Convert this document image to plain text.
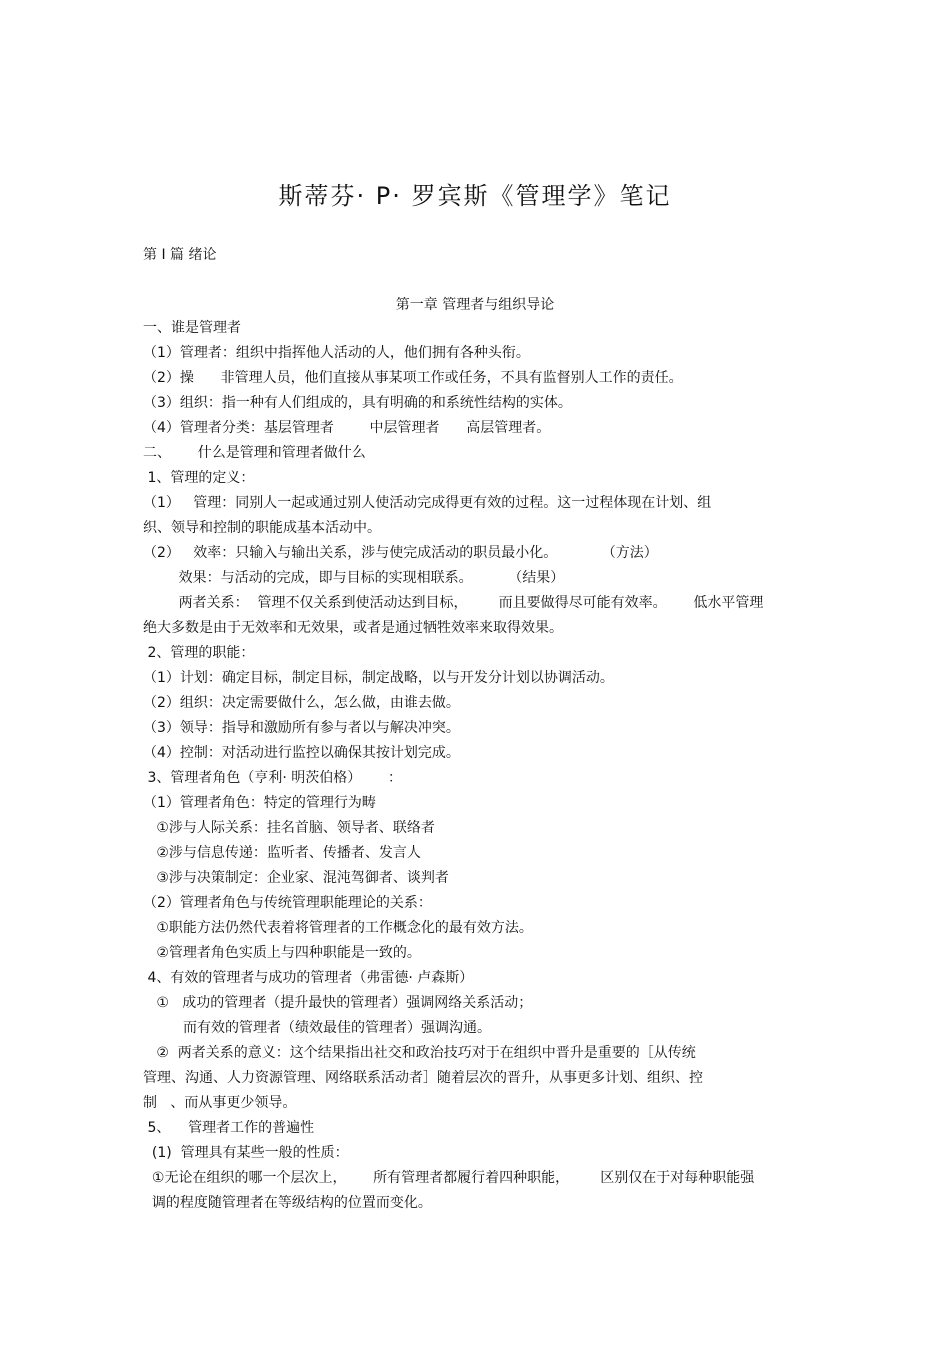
斯蒂芬· P· 罗宾斯《管理学》笔记
第 I 篇 绪论
第一章 管理者与组织导论
一、谁是管理者
（1）管理者：组织中指挥他人活动的人，他们拥有各种头衔。
（2）操      非管理人员，他们直接从事某项工作或任务，不具有监督别人工作的责任。
（3）组织：指一种有人们组成的，具有明确的和系统性结构的实体。
（4）管理者分类：基层管理者        中层管理者      高层管理者。
二、      什么是管理和管理者做什么
1、管理的定义：
（1）   管理：同别人一起或通过别人使活动完成得更有效的过程。这一过程体现在计划、组
织、领导和控制的职能成基本活动中。
（2）   效率：只输入与输出关系，涉与使完成活动的职员最小化。          （方法）
效果：与活动的完成，即与目标的实现相联系。        （结果）
两者关系：  管理不仅关系到使活动达到目标，       而且要做得尽可能有效率。      低水平管理
绝大多数是由于无效率和无效果，或者是通过牺牲效率来取得效果。
2、管理的职能：
（1）计划：确定目标，制定目标，制定战略，以与开发分计划以协调活动。
（2）组织：决定需要做什么，怎么做，由谁去做。
（3）领导：指导和激励所有参与者以与解决冲突。
（4）控制：对活动进行监控以确保其按计划完成。
3、管理者角色（亨利· 明茨伯格）      ：
（1）管理者角色：特定的管理行为畴
①涉与人际关系：挂名首脑、领导者、联络者
②涉与信息传递：监听者、传播者、发言人
③涉与决策制定：企业家、混沌驾御者、谈判者
（2）管理者角色与传统管理职能理论的关系：
①职能方法仍然代表着将管理者的工作概念化的最有效方法。
②管理者角色实质上与四种职能是一致的。
4、有效的管理者与成功的管理者（弗雷德· 卢森斯）
①   成功的管理者（提升最快的管理者）强调网络关系活动；
而有效的管理者（绩效最佳的管理者）强调沟通。
②  两者关系的意义：这个结果指出社交和政治技巧对于在组织中晋升是重要的［从传统
管理、沟通、人力资源管理、网络联系活动者］随着层次的晋升，从事更多计划、组织、控
制   、而从事更少领导。
5、    管理者工作的普遍性
(1)  管理具有某些一般的性质：
①无论在组织的哪一个层次上，      所有管理者都履行着四种职能，       区别仅在于对每种职能强
调的程度随管理者在等级结构的位置而变化。
